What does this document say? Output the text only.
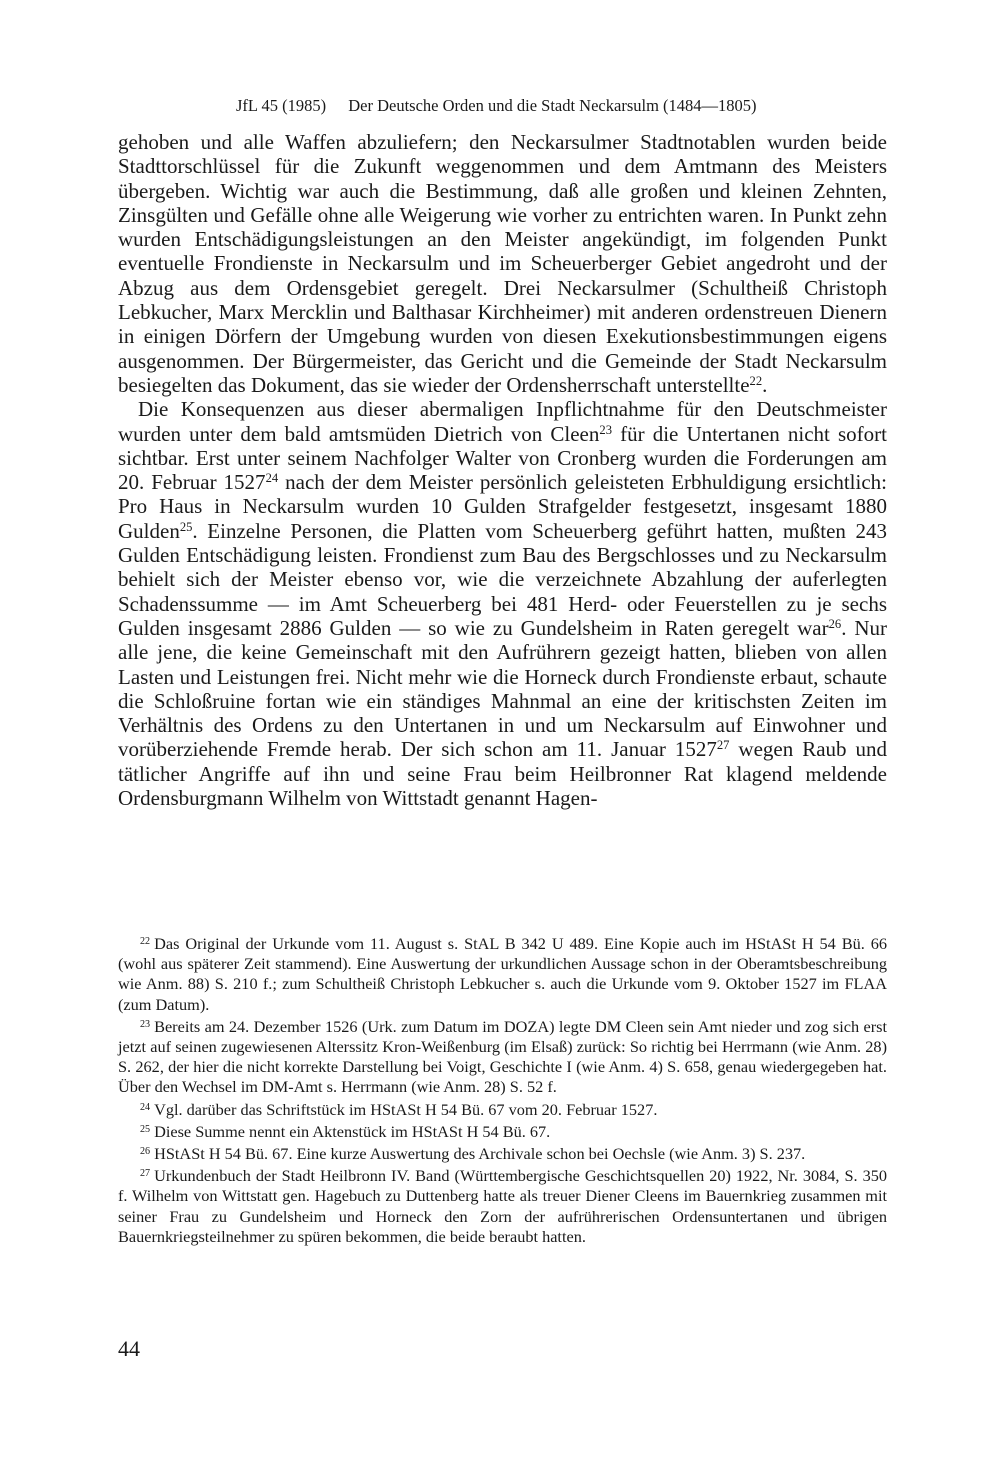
JfL 45 (1985) Der Deutsche Orden und die Stadt Neckarsulm (1484—1805)

gehoben und alle Waffen abzuliefern; den Neckarsulmer Stadtnotablen wurden beide Stadttorschlüssel für die Zukunft weggenommen und dem Amtmann des Meisters übergeben. Wichtig war auch die Bestimmung, daß alle großen und kleinen Zehnten, Zinsgülten und Gefälle ohne alle Weigerung wie vorher zu entrichten waren. In Punkt zehn wurden Entschädigungsleistungen an den Meister angekündigt, im folgenden Punkt eventuelle Frondienste in Neckarsulm und im Scheuerberger Gebiet angedroht und der Abzug aus dem Ordensgebiet geregelt. Drei Neckarsulmer (Schultheiß Christoph Lebkucher, Marx Mercklin und Balthasar Kirchheimer) mit anderen ordenstreuen Dienern in einigen Dörfern der Umgebung wurden von diesen Exekutionsbestimmungen eigens ausgenommen. Der Bürgermeister, das Gericht und die Gemeinde der Stadt Neckarsulm besiegelten das Dokument, das sie wieder der Ordensherrschaft unterstellte$^{22}$.

Die Konsequenzen aus dieser abermaligen Inpflichtnahme für den Deutschmeister wurden unter dem bald amtsmüden Dietrich von Cleen$^{23}$ für die Untertanen nicht sofort sichtbar. Erst unter seinem Nachfolger Walter von Cronberg wurden die Forderungen am 20. Februar 1527$^{24}$ nach der dem Meister persönlich geleisteten Erbhuldigung ersichtlich: Pro Haus in Neckarsulm wurden 10 Gulden Strafgelder festgesetzt, insgesamt 1880 Gulden$^{25}$. Einzelne Personen, die Platten vom Scheuerberg geführt hatten, mußten 243 Gulden Entschädigung leisten. Frondienst zum Bau des Bergschlosses und zu Neckarsulm behielt sich der Meister ebenso vor, wie die verzeichnete Abzahlung der auferlegten Schadenssumme — im Amt Scheuerberg bei 481 Herd- oder Feuerstellen zu je sechs Gulden insgesamt 2886 Gulden — so wie zu Gundelsheim in Raten geregelt war$^{26}$. Nur alle jene, die keine Gemeinschaft mit den Aufrührern gezeigt hatten, blieben von allen Lasten und Leistungen frei. Nicht mehr wie die Horneck durch Frondienste erbaut, schaute die Schloßruine fortan wie ein ständiges Mahnmal an eine der kritischsten Zeiten im Verhältnis des Ordens zu den Untertanen in und um Neckarsulm auf Einwohner und vorüberziehende Fremde herab. Der sich schon am 11. Januar 1527$^{27}$ wegen Raub und tätlicher Angriffe auf ihn und seine Frau beim Heilbronner Rat klagend meldende Ordensburgmann Wilhelm von Wittstadt genannt Hagen-

$^{22}$ Das Original der Urkunde vom 11. August s. StAL B 342 U 489. Eine Kopie auch im HStASt H 54 Bü. 66 (wohl aus späterer Zeit stammend). Eine Auswertung der urkundlichen Aussage schon in der Oberamtsbeschreibung wie Anm. 88) S. 210 f.; zum Schultheiß Christoph Lebkucher s. auch die Urkunde vom 9. Oktober 1527 im FLAA (zum Datum).

$^{23}$ Bereits am 24. Dezember 1526 (Urk. zum Datum im DOZA) legte DM Cleen sein Amt nieder und zog sich erst jetzt auf seinen zugewiesenen Alterssitz Kron-Weißenburg (im Elsaß) zurück: So richtig bei Herrmann (wie Anm. 28) S. 262, der hier die nicht korrekte Darstellung bei Voigt, Geschichte I (wie Anm. 4) S. 658, genau wiedergegeben hat. Über den Wechsel im DM-Amt s. Herrmann (wie Anm. 28) S. 52 f.

$^{24}$ Vgl. darüber das Schriftstück im HStASt H 54 Bü. 67 vom 20. Februar 1527.

$^{25}$ Diese Summe nennt ein Aktenstück im HStASt H 54 Bü. 67.

$^{26}$ HStASt H 54 Bü. 67. Eine kurze Auswertung des Archivale schon bei Oechsle (wie Anm. 3) S. 237.

$^{27}$ Urkundenbuch der Stadt Heilbronn IV. Band (Württembergische Geschichtsquellen 20) 1922, Nr. 3084, S. 350 f. Wilhelm von Wittstatt gen. Hagebuch zu Duttenberg hatte als treuer Diener Cleens im Bauernkrieg zusammen mit seiner Frau zu Gundelsheim und Horneck den Zorn der aufrührerischen Ordensuntertanen und übrigen Bauernkriegsteilnehmer zu spüren bekommen, die beide beraubt hatten.

44
